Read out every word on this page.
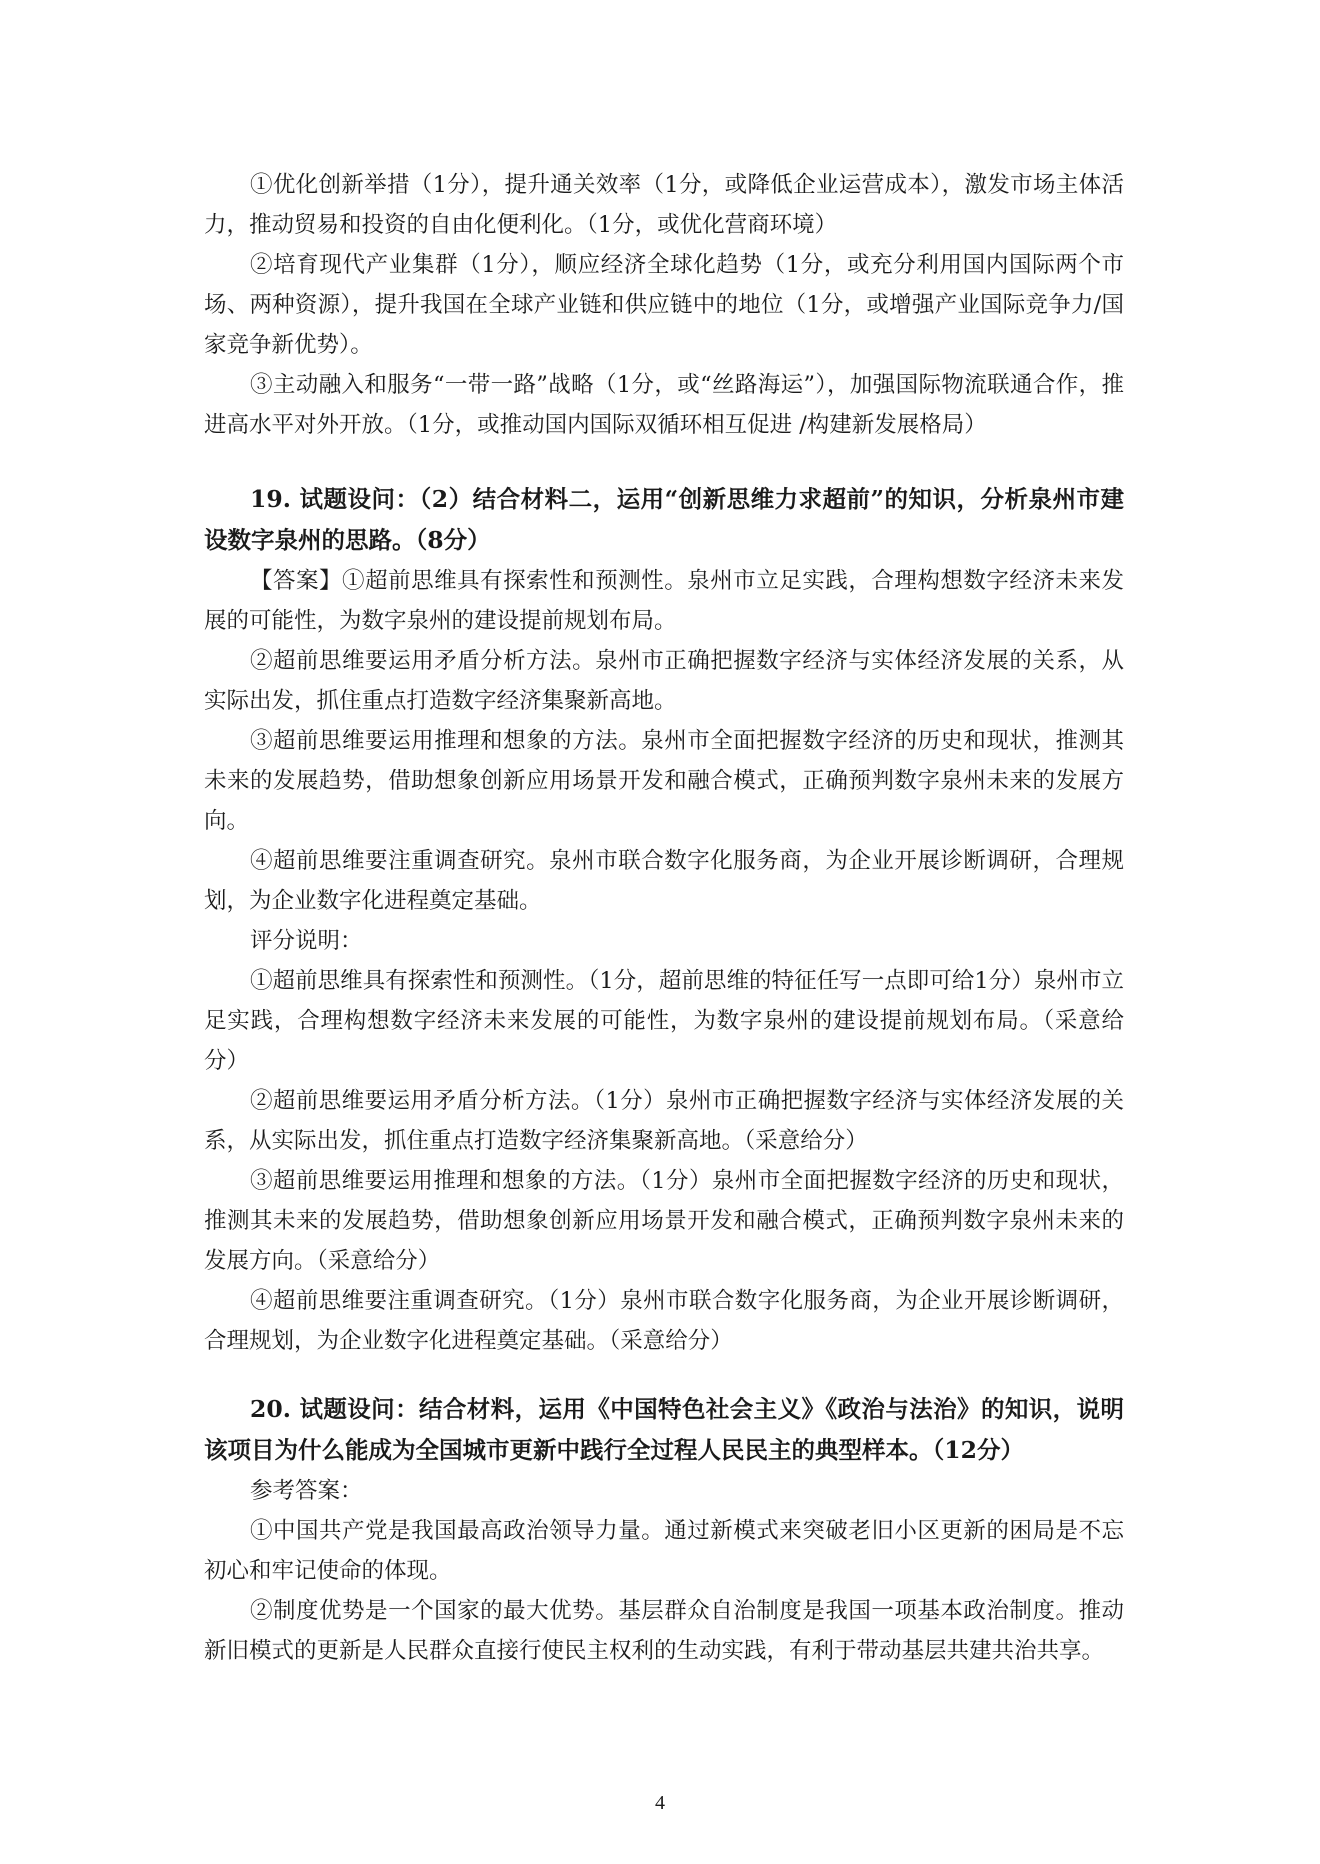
①优化创新举措（1分），提升通关效率（1分，或降低企业运营成本），激发市场主体活力，推动贸易和投资的自由化便利化。（1分，或优化营商环境）

②培育现代产业集群（1分），顺应经济全球化趋势（1分，或充分利用国内国际两个市场、两种资源），提升我国在全球产业链和供应链中的地位（1分，或增强产业国际竞争力/国家竞争新优势）。

③主动融入和服务“一带一路”战略（1分，或“丝路海运”），加强国际物流联通合作，推进高水平对外开放。（1分，或推动国内国际双循环相互促进 /构建新发展格局）

19. 试题设问：（2）结合材料二，运用“创新思维力求超前”的知识，分析泉州市建设数字泉州的思路。（8分）

【答案】①超前思维具有探索性和预测性。泉州市立足实践，合理构想数字经济未来发展的可能性，为数字泉州的建设提前规划布局。

②超前思维要运用矛盾分析方法。泉州市正确把握数字经济与实体经济发展的关系，从实际出发，抓住重点打造数字经济集聚新高地。

③超前思维要运用推理和想象的方法。泉州市全面把握数字经济的历史和现状，推测其未来的发展趋势，借助想象创新应用场景开发和融合模式，正确预判数字泉州未来的发展方向。

④超前思维要注重调查研究。泉州市联合数字化服务商，为企业开展诊断调研，合理规划，为企业数字化进程奠定基础。

评分说明：

①超前思维具有探索性和预测性。（1分，超前思维的特征任写一点即可给1分）泉州市立足实践，合理构想数字经济未来发展的可能性，为数字泉州的建设提前规划布局。（采意给分）

②超前思维要运用矛盾分析方法。（1分）泉州市正确把握数字经济与实体经济发展的关系，从实际出发，抓住重点打造数字经济集聚新高地。（采意给分）

③超前思维要运用推理和想象的方法。（1分）泉州市全面把握数字经济的历史和现状，推测其未来的发展趋势，借助想象创新应用场景开发和融合模式，正确预判数字泉州未来的发展方向。（采意给分）

④超前思维要注重调查研究。（1分）泉州市联合数字化服务商，为企业开展诊断调研，合理规划，为企业数字化进程奠定基础。（采意给分）

20. 试题设问：结合材料，运用《中国特色社会主义》《政治与法治》的知识，说明该项目为什么能成为全国城市更新中践行全过程人民民主的典型样本。（12分）

参考答案：

①中国共产党是我国最高政治领导力量。通过新模式来突破老旧小区更新的困局是不忘初心和牢记使命的体现。

②制度优势是一个国家的最大优势。基层群众自治制度是我国一项基本政治制度。推动新旧模式的更新是人民群众直接行使民主权利的生动实践，有利于带动基层共建共治共享。

4
